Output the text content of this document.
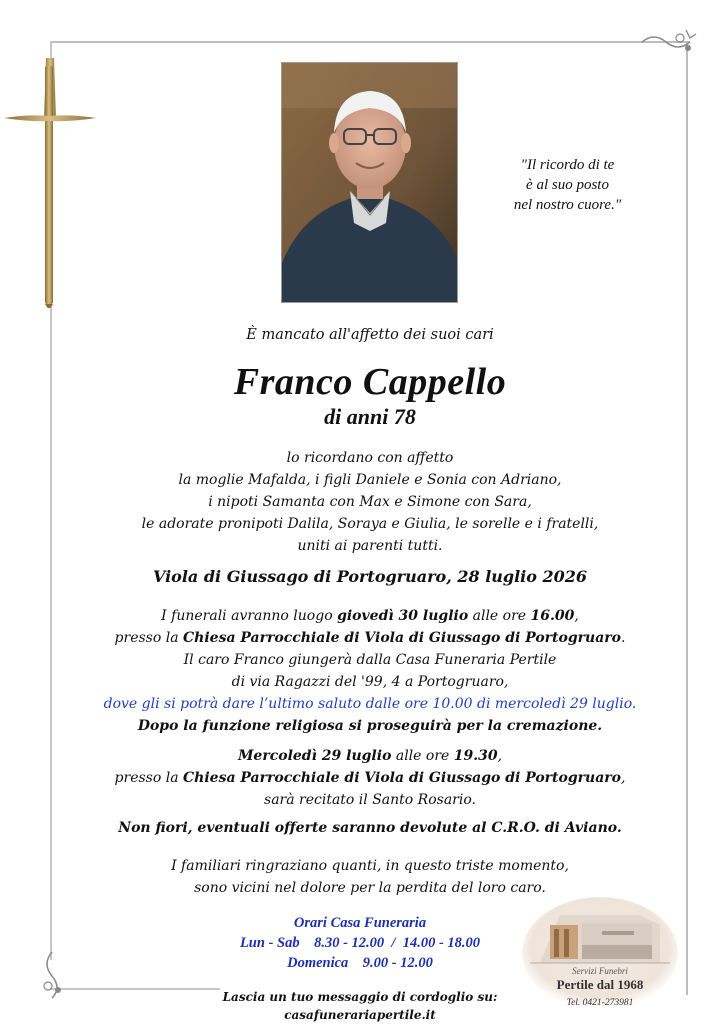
"Il ricordo di te
è al suo posto
nel nostro cuore."
È mancato all'affetto dei suoi cari
Franco Cappello
di anni 78
lo ricordano con affetto
la moglie Mafalda, i figli Daniele e Sonia con Adriano,
i nipoti Samanta con Max e Simone con Sara,
le adorate pronipoti Dalila, Soraya e Giulia, le sorelle e i fratelli,
uniti ai parenti tutti.
Viola di Giussago di Portogruaro, 28 luglio 2026
I funerali avranno luogo giovedì 30 luglio alle ore 16.00,
presso la Chiesa Parrocchiale di Viola di Giussago di Portogruaro.
Il caro Franco giungerà dalla Casa Funeraria Pertile
di via Ragazzi del '99, 4 a Portogruaro,
dove gli si potrà dare l’ultimo saluto dalle ore 10.00 di mercoledì 29 luglio.
Dopo la funzione religiosa si proseguirà per la cremazione.
Mercoledì 29 luglio alle ore 19.30,
presso la Chiesa Parrocchiale di Viola di Giussago di Portogruaro,
sarà recitato il Santo Rosario.
Non fiori, eventuali offerte saranno devolute al C.R.O. di Aviano.
I familiari ringraziano quanti, in questo triste momento,
sono vicini nel dolore per la perdita del loro caro.
Orari Casa Funeraria
Lun - Sab    8.30 - 12.00  /  14.00 - 18.00
Domenica    9.00 - 12.00
Lascia un tuo messaggio di cordoglio su:
casafunerariapertile.it
Servizi Funebri
Pertile dal 1968
Tel. 0421-273981
